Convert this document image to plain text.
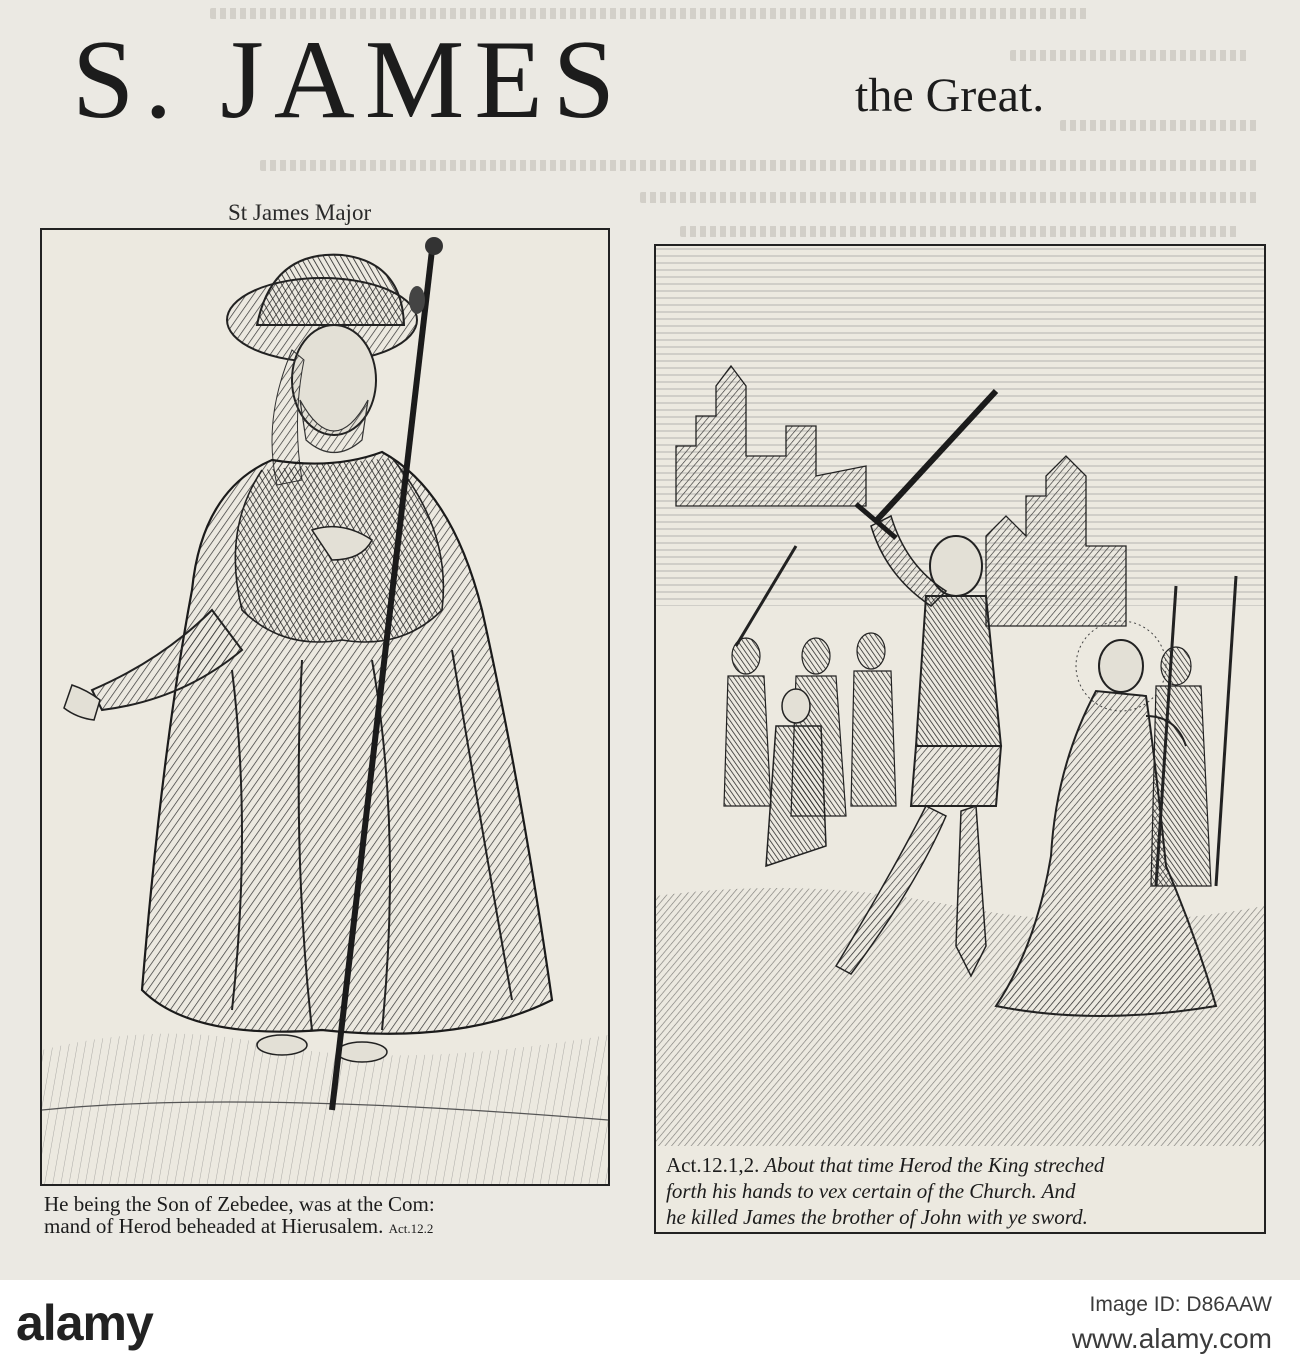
S. JAMES	the Great.
St James Major
He being the Son of Zebedee, was at the Com:
mand of Herod beheaded at Hierusalem. Act.12.2
Act.12.1,2. About that time Herod the King streched
forth his hands to vex certain of the Church. And
he killed James the brother of John with ye sword.
alamy	Image ID: D86AAW
www.alamy.com
